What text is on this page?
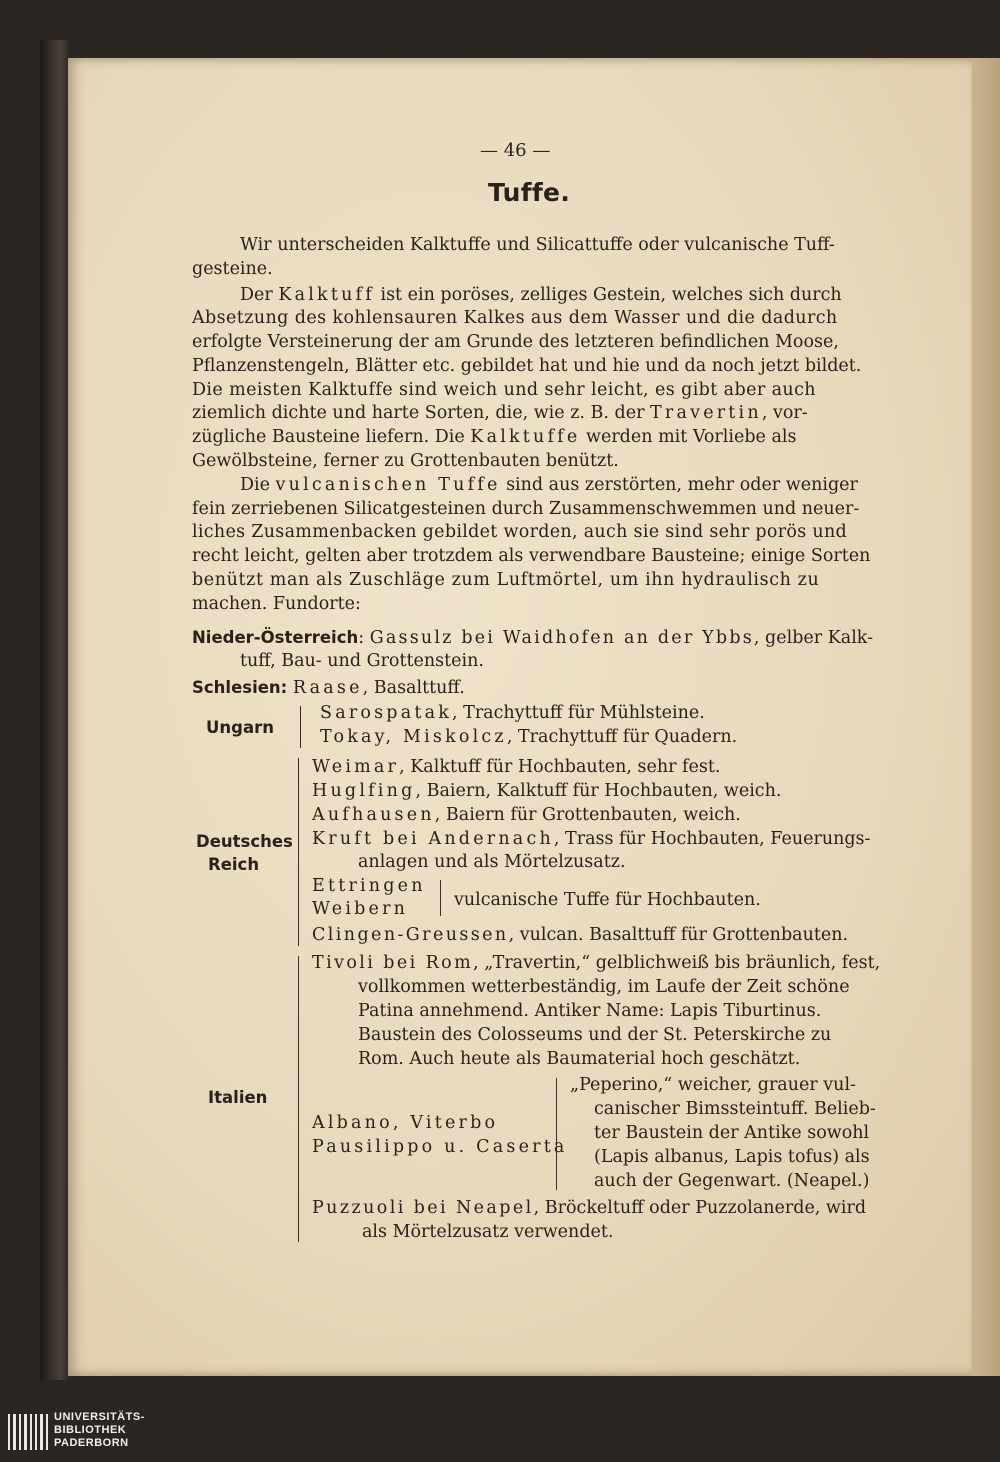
— 46 —
Tuffe.
Wir unterscheiden Kalktuffe und Silicattuffe oder vulcanische Tuff-
gesteine.
Der Kalktuff ist ein poröses, zelliges Gestein, welches sich durch
Absetzung des kohlensauren Kalkes aus dem Wasser und die dadurch
erfolgte Versteinerung der am Grunde des letzteren befindlichen Moose,
Pflanzenstengeln, Blätter etc. gebildet hat und hie und da noch jetzt bildet.
Die meisten Kalktuffe sind weich und sehr leicht, es gibt aber auch
ziemlich dichte und harte Sorten, die, wie z. B. der Travertin, vor-
zügliche Bausteine liefern. Die Kalktuffe werden mit Vorliebe als
Gewölbsteine, ferner zu Grottenbauten benützt.
Die vulcanischen Tuffe sind aus zerstörten, mehr oder weniger
fein zerriebenen Silicatgesteinen durch Zusammenschwemmen und neuer-
liches Zusammenbacken gebildet worden, auch sie sind sehr porös und
recht leicht, gelten aber trotzdem als verwendbare Bausteine; einige Sorten
benützt man als Zuschläge zum Luftmörtel, um ihn hydraulisch zu
machen. Fundorte:
Nieder-Österreich: Gassulz bei Waidhofen an der Ybbs, gelber Kalk-
tuff, Bau- und Grottenstein.
Schlesien: Raase, Basalttuff.
Ungarn
Sarospatak, Trachyttuff für Mühlsteine.
Tokay, Miskolcz, Trachyttuff für Quadern.
Deutsches
Reich
Weimar, Kalktuff für Hochbauten, sehr fest.
Huglfing, Baiern, Kalktuff für Hochbauten, weich.
Aufhausen, Baiern für Grottenbauten, weich.
Kruft bei Andernach, Trass für Hochbauten, Feuerungs-
anlagen und als Mörtelzusatz.
Ettringen
Weibern	vulcanische Tuffe für Hochbauten.
Clingen-Greussen, vulcan. Basalttuff für Grottenbauten.
Italien
Tivoli bei Rom, „Travertin,“ gelblichweiß bis bräunlich, fest,
vollkommen wetterbeständig, im Laufe der Zeit schöne
Patina annehmend. Antiker Name: Lapis Tiburtinus.
Baustein des Colosseums und der St. Peterskirche zu
Rom. Auch heute als Baumaterial hoch geschätzt.
Albano, Viterbo
Pausilippo u. Caserta
„Peperino,“ weicher, grauer vul-
canischer Bimssteintuff. Belieb-
ter Baustein der Antike sowohl
(Lapis albanus, Lapis tofus) als
auch der Gegenwart. (Neapel.)
Puzzuoli bei Neapel, Bröckeltuff oder Puzzolanerde, wird
als Mörtelzusatz verwendet.
UNIVERSITÄTS-
BIBLIOTHEK
PADERBORN
